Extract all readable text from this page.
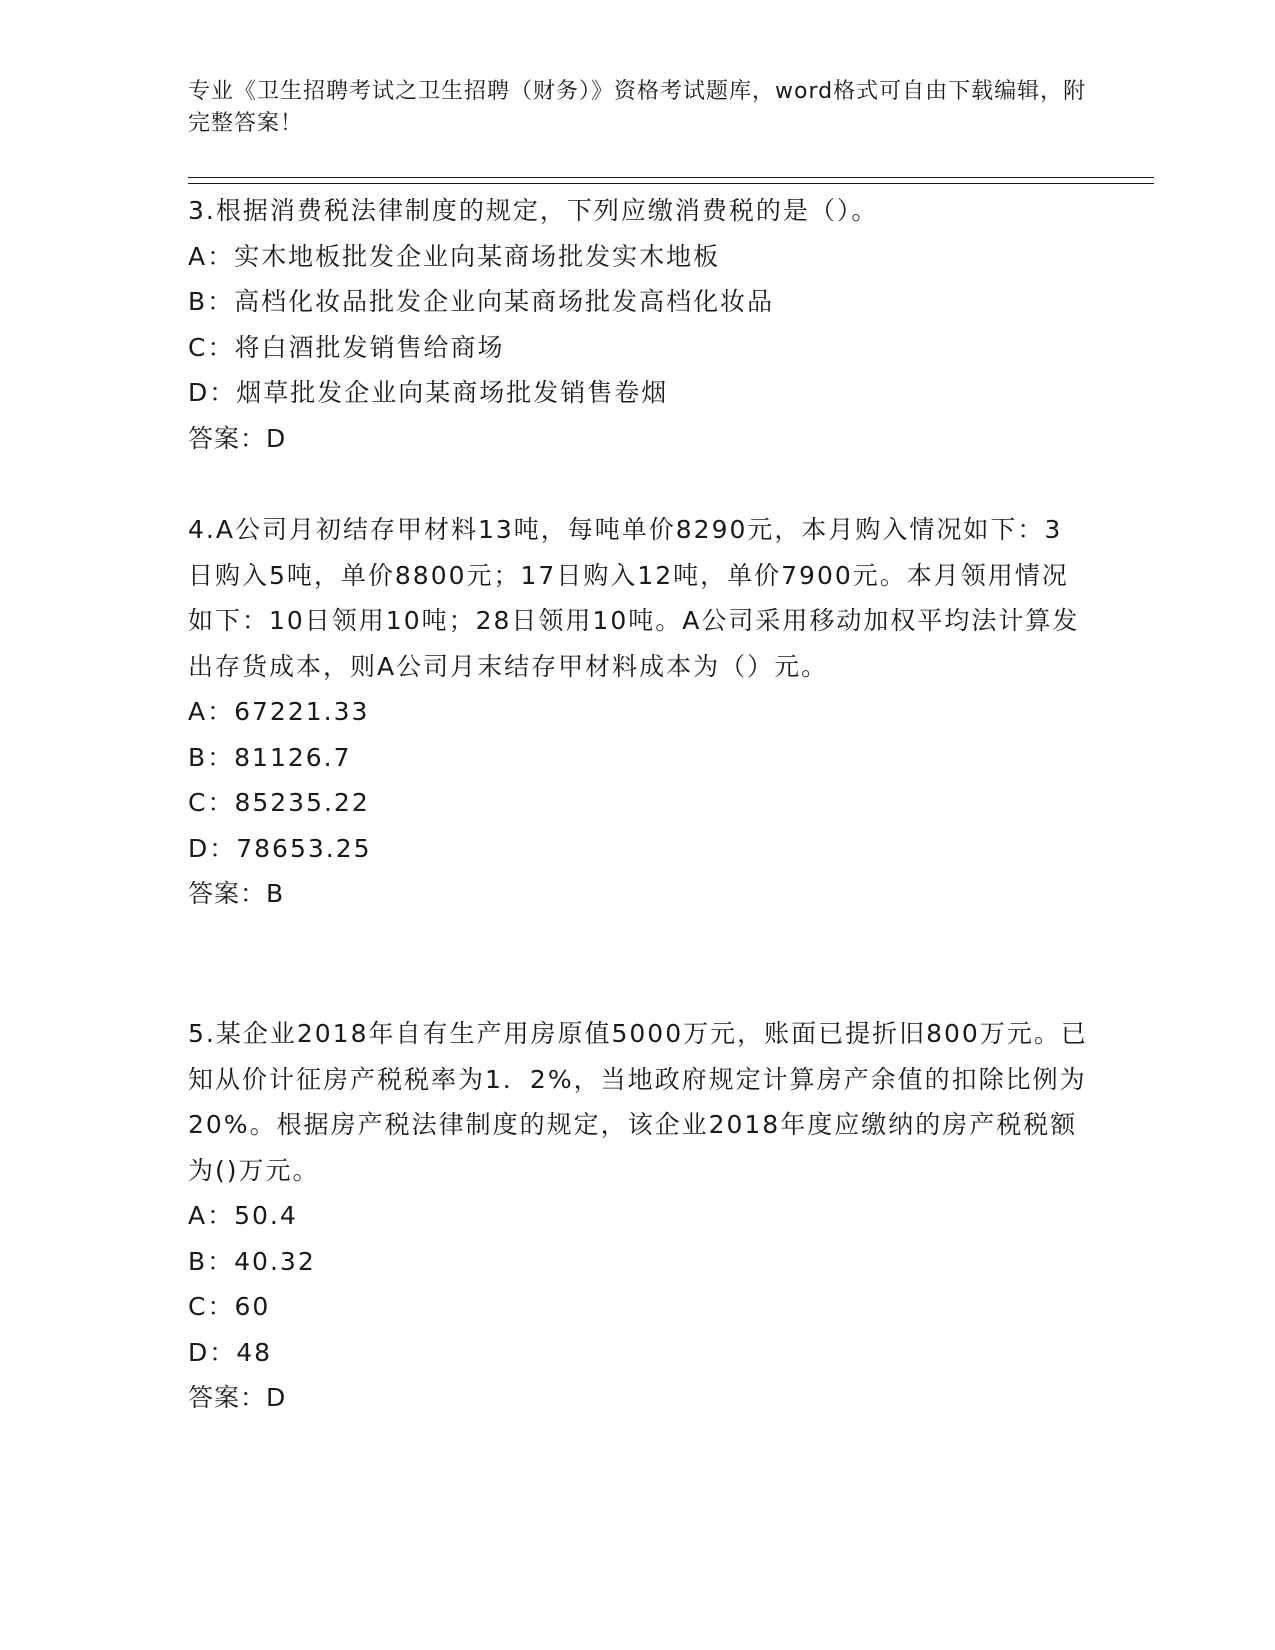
专业《卫生招聘考试之卫生招聘（财务）》资格考试题库，word格式可自由下载编辑，附完整答案！

3.根据消费税法律制度的规定，下列应缴消费税的是（）。

A：实木地板批发企业向某商场批发实木地板

B：高档化妆品批发企业向某商场批发高档化妆品

C：将白酒批发销售给商场

D：烟草批发企业向某商场批发销售卷烟

答案：D

4.A公司月初结存甲材料13吨，每吨单价8290元，本月购入情况如下：3日购入5吨，单价8800元；17日购入12吨，单价7900元。本月领用情况如下：10日领用10吨；28日领用10吨。A公司采用移动加权平均法计算发出存货成本，则A公司月末结存甲材料成本为（）元。

A：67221.33

B：81126.7

C：85235.22

D：78653.25

答案：B

5.某企业2018年自有生产用房原值5000万元，账面已提折旧800万元。已知从价计征房产税税率为1．2%，当地政府规定计算房产余值的扣除比例为20%。根据房产税法律制度的规定，该企业2018年度应缴纳的房产税税额为()万元。

A：50.4

B：40.32

C：60

D：48

答案：D
